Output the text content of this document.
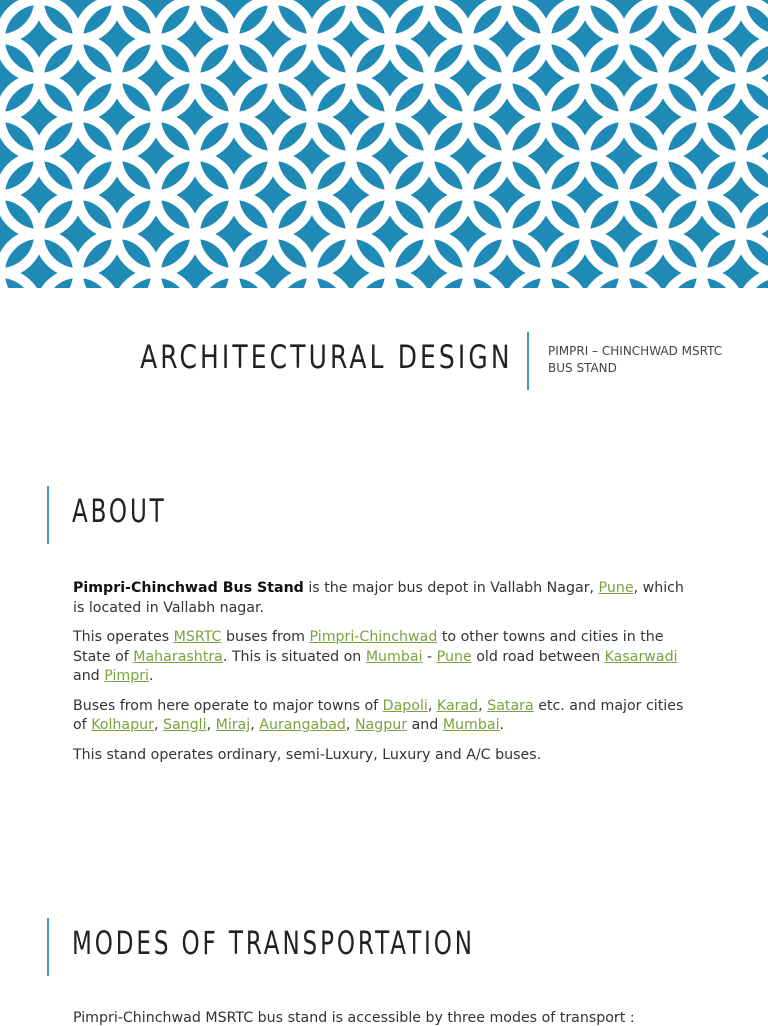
ARCHITECTURAL DESIGN	PIMPRI – CHINCHWAD MSRTC
BUS STAND
ABOUT

Pimpri-Chinchwad Bus Stand is the major bus depot in Vallabh Nagar, Pune, which is located in Vallabh nagar.

This operates MSRTC buses from Pimpri-Chinchwad to other towns and cities in the State of Maharashtra. This is situated on Mumbai - Pune old road between Kasarwadi and Pimpri.

Buses from here operate to major towns of Dapoli, Karad, Satara etc. and major cities of Kolhapur, Sangli, Miraj, Aurangabad, Nagpur and Mumbai.

This stand operates ordinary, semi-Luxury, Luxury and A/C buses.

MODES OF TRANSPORTATION
Pimpri-Chinchwad MSRTC bus stand is accessible by three modes of transport :
